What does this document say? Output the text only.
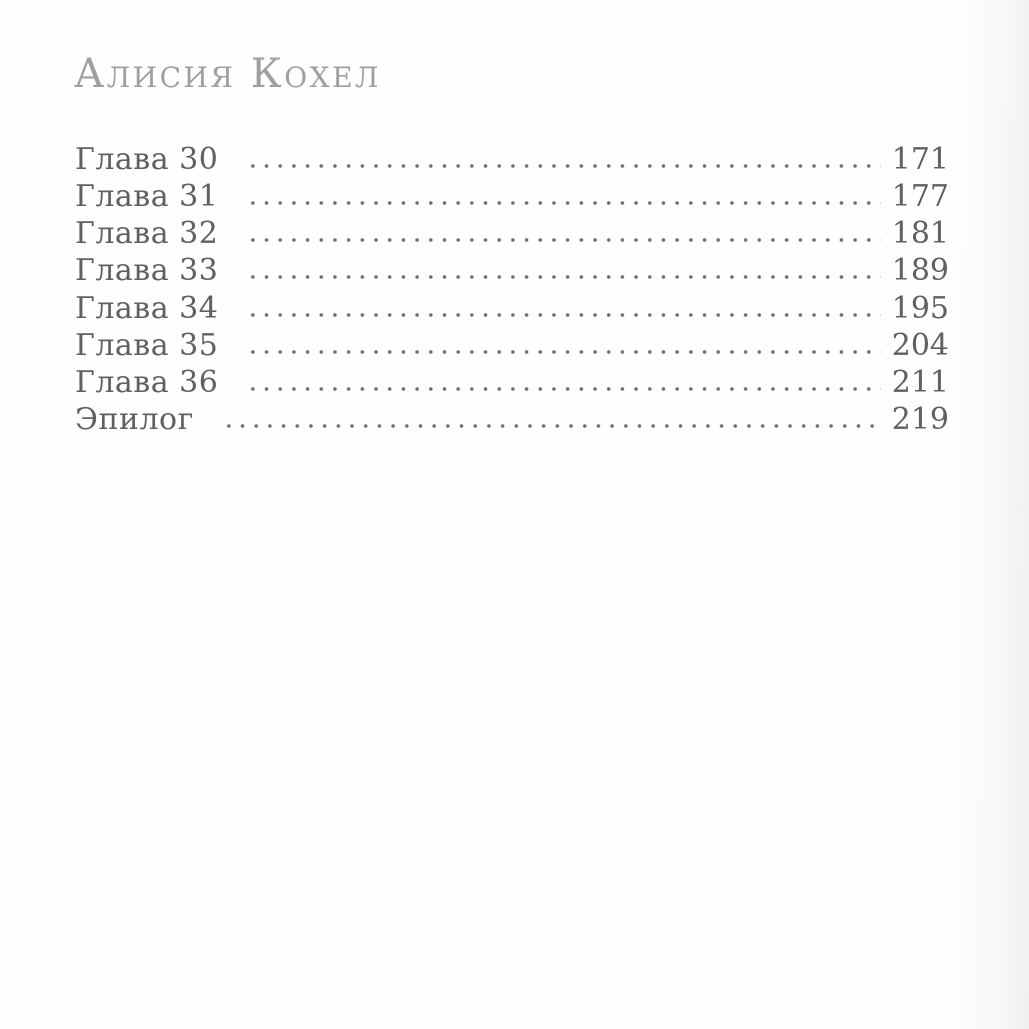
Алисия Кохел
Глава 30	171
Глава 31	177
Глава 32	181
Глава 33	189
Глава 34	195
Глава 35	204
Глава 36	211
Эпилог	219
